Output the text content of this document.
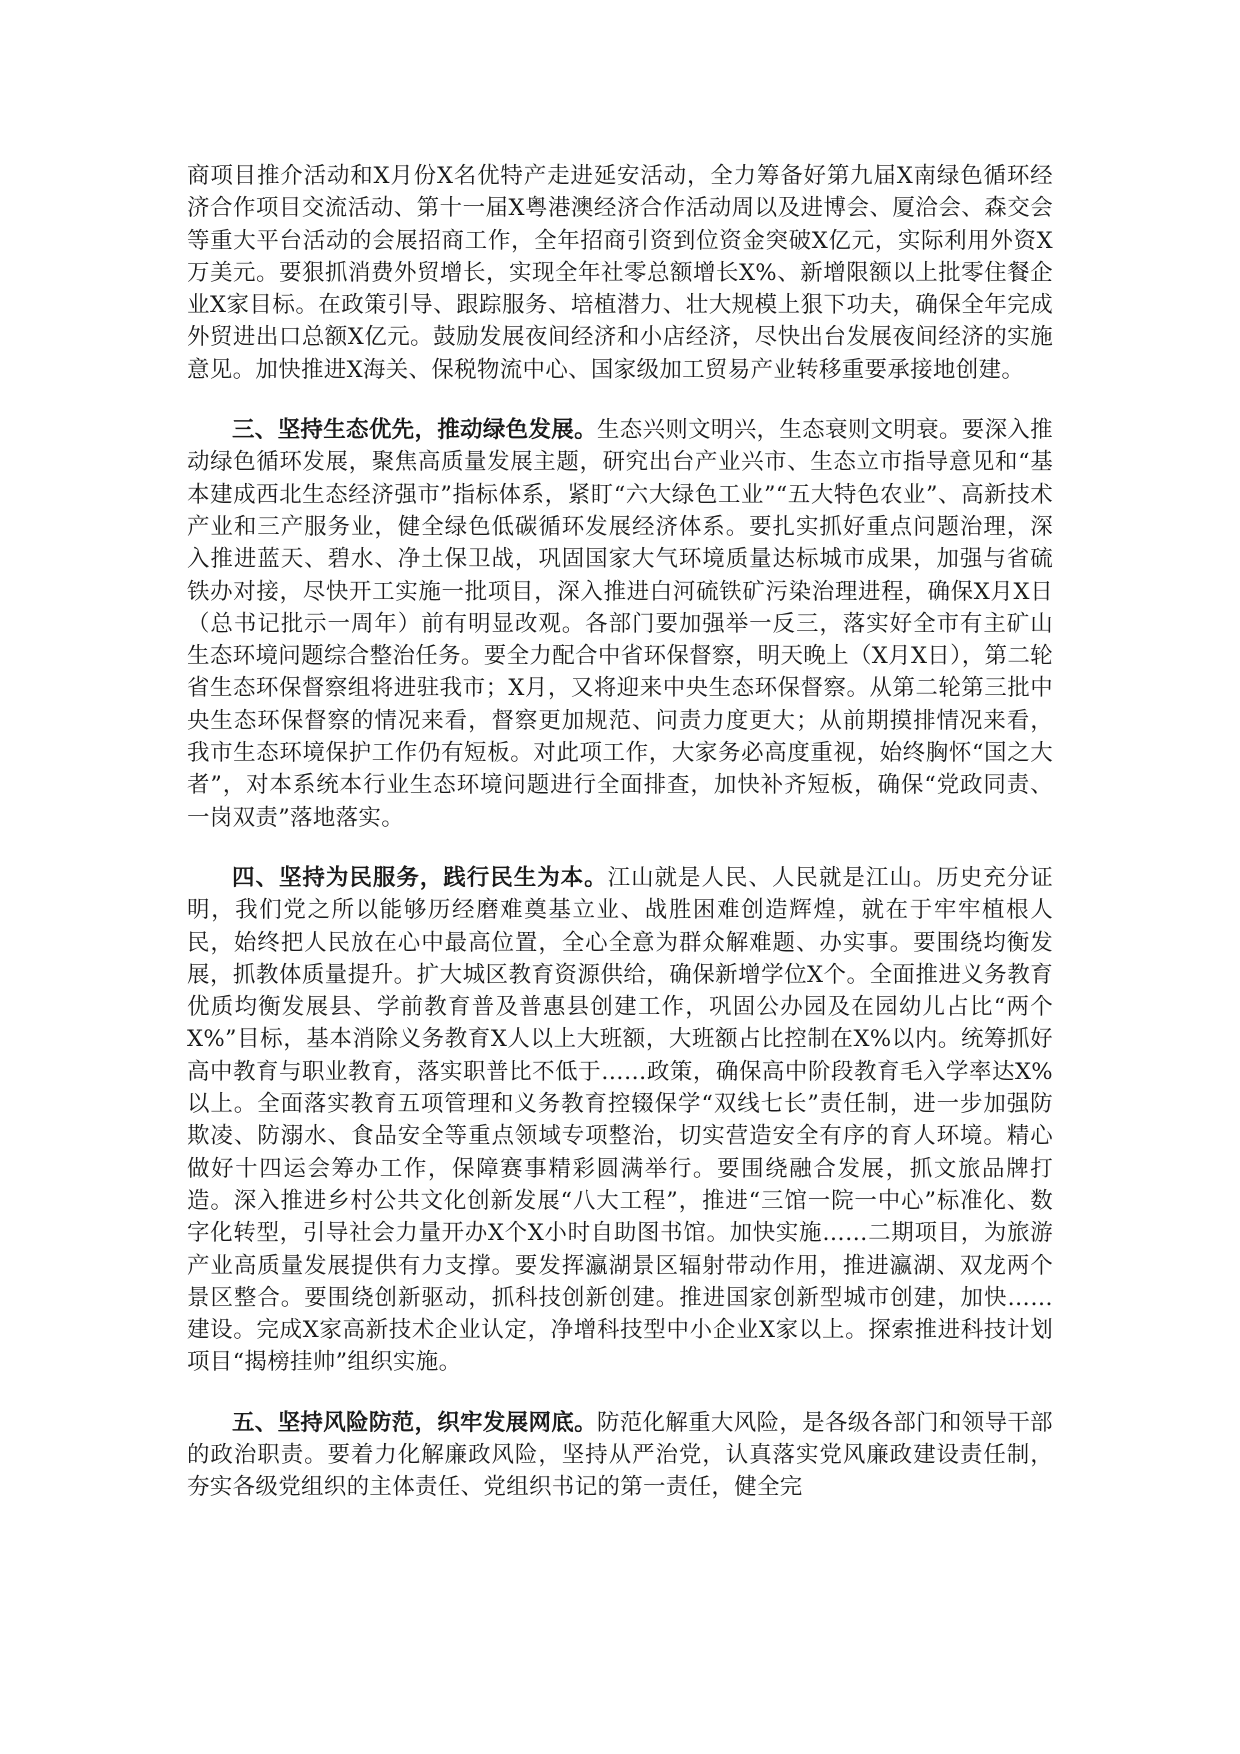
商项目推介活动和X月份X名优特产走进延安活动，全力筹备好第九届X南绿色循环经济合作项目交流活动、第十一届X粤港澳经济合作活动周以及进博会、厦洽会、森交会等重大平台活动的会展招商工作，全年招商引资到位资金突破X亿元，实际利用外资X万美元。要狠抓消费外贸增长，实现全年社零总额增长X%、新增限额以上批零住餐企业X家目标。在政策引导、跟踪服务、培植潜力、壮大规模上狠下功夫，确保全年完成外贸进出口总额X亿元。鼓励发展夜间经济和小店经济，尽快出台发展夜间经济的实施意见。加快推进X海关、保税物流中心、国家级加工贸易产业转移重要承接地创建。

三、坚持生态优先，推动绿色发展。生态兴则文明兴，生态衰则文明衰。要深入推动绿色循环发展，聚焦高质量发展主题，研究出台产业兴市、生态立市指导意见和“基本建成西北生态经济强市”指标体系，紧盯“六大绿色工业”“五大特色农业”、高新技术产业和三产服务业，健全绿色低碳循环发展经济体系。要扎实抓好重点问题治理，深入推进蓝天、碧水、净土保卫战，巩固国家大气环境质量达标城市成果，加强与省硫铁办对接，尽快开工实施一批项目，深入推进白河硫铁矿污染治理进程，确保X月X日（总书记批示一周年）前有明显改观。各部门要加强举一反三，落实好全市有主矿山生态环境问题综合整治任务。要全力配合中省环保督察，明天晚上（X月X日），第二轮省生态环保督察组将进驻我市；X月，又将迎来中央生态环保督察。从第二轮第三批中央生态环保督察的情况来看，督察更加规范、问责力度更大；从前期摸排情况来看，我市生态环境保护工作仍有短板。对此项工作，大家务必高度重视，始终胸怀“国之大者”，对本系统本行业生态环境问题进行全面排查，加快补齐短板，确保“党政同责、一岗双责”落地落实。

四、坚持为民服务，践行民生为本。江山就是人民、人民就是江山。历史充分证明，我们党之所以能够历经磨难奠基立业、战胜困难创造辉煌，就在于牢牢植根人民，始终把人民放在心中最高位置，全心全意为群众解难题、办实事。要围绕均衡发展，抓教体质量提升。扩大城区教育资源供给，确保新增学位X个。全面推进义务教育优质均衡发展县、学前教育普及普惠县创建工作，巩固公办园及在园幼儿占比“两个X%”目标，基本消除义务教育X人以上大班额，大班额占比控制在X%以内。统筹抓好高中教育与职业教育，落实职普比不低于……政策，确保高中阶段教育毛入学率达X%以上。全面落实教育五项管理和义务教育控辍保学“双线七长”责任制，进一步加强防欺凌、防溺水、食品安全等重点领域专项整治，切实营造安全有序的育人环境。精心做好十四运会筹办工作，保障赛事精彩圆满举行。要围绕融合发展，抓文旅品牌打造。深入推进乡村公共文化创新发展“八大工程”，推进“三馆一院一中心”标准化、数字化转型，引导社会力量开办X个X小时自助图书馆。加快实施……二期项目，为旅游产业高质量发展提供有力支撑。要发挥瀛湖景区辐射带动作用，推进瀛湖、双龙两个景区整合。要围绕创新驱动，抓科技创新创建。推进国家创新型城市创建，加快……建设。完成X家高新技术企业认定，净增科技型中小企业X家以上。探索推进科技计划项目“揭榜挂帅”组织实施。

五、坚持风险防范，织牢发展网底。防范化解重大风险，是各级各部门和领导干部的政治职责。要着力化解廉政风险，坚持从严治党，认真落实党风廉政建设责任制，夯实各级党组织的主体责任、党组织书记的第一责任，健全完
